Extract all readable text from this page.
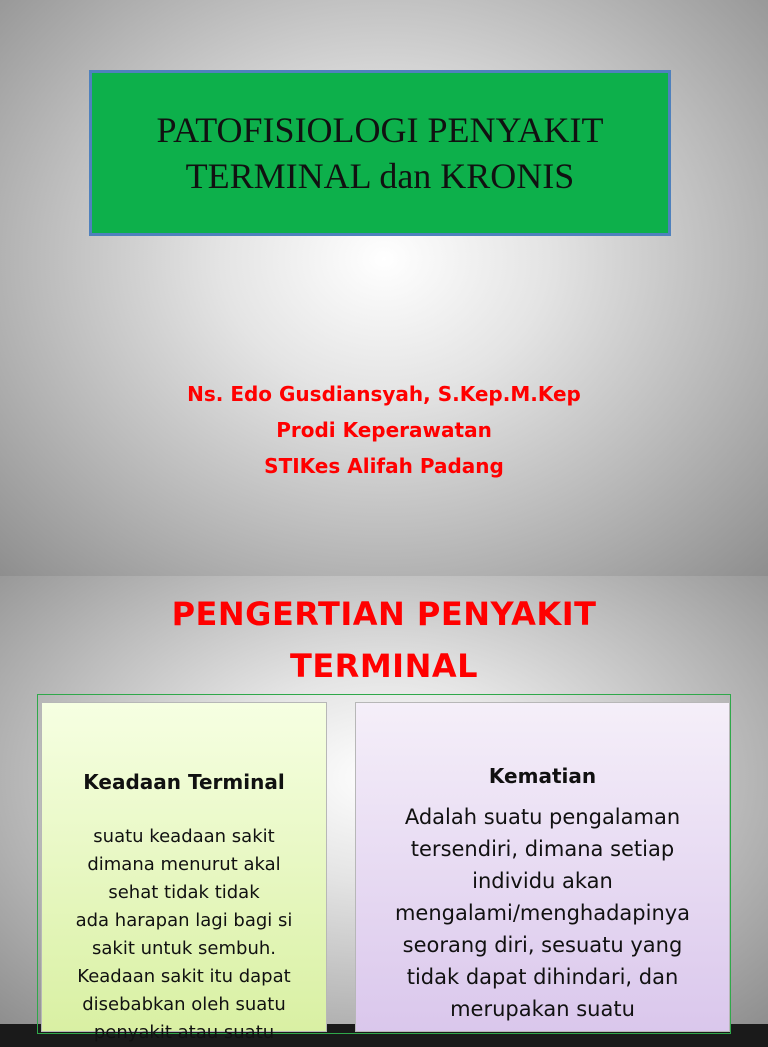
PATOFISIOLOGI PENYAKIT
TERMINAL dan KRONIS
Ns. Edo Gusdiansyah, S.Kep.M.Kep
Prodi Keperawatan
STIKes Alifah Padang
PENGERTIAN PENYAKIT
TERMINAL
Keadaan Terminal
suatu keadaan sakit
dimana menurut akal
sehat tidak tidak
ada harapan lagi bagi si
sakit untuk sembuh.
Keadaan sakit itu dapat
disebabkan oleh suatu
penyakit atau suatu
Kematian
Adalah suatu pengalaman
tersendiri, dimana setiap
individu akan
mengalami/menghadapinya
seorang diri, sesuatu yang
tidak dapat dihindari, dan
merupakan suatu
